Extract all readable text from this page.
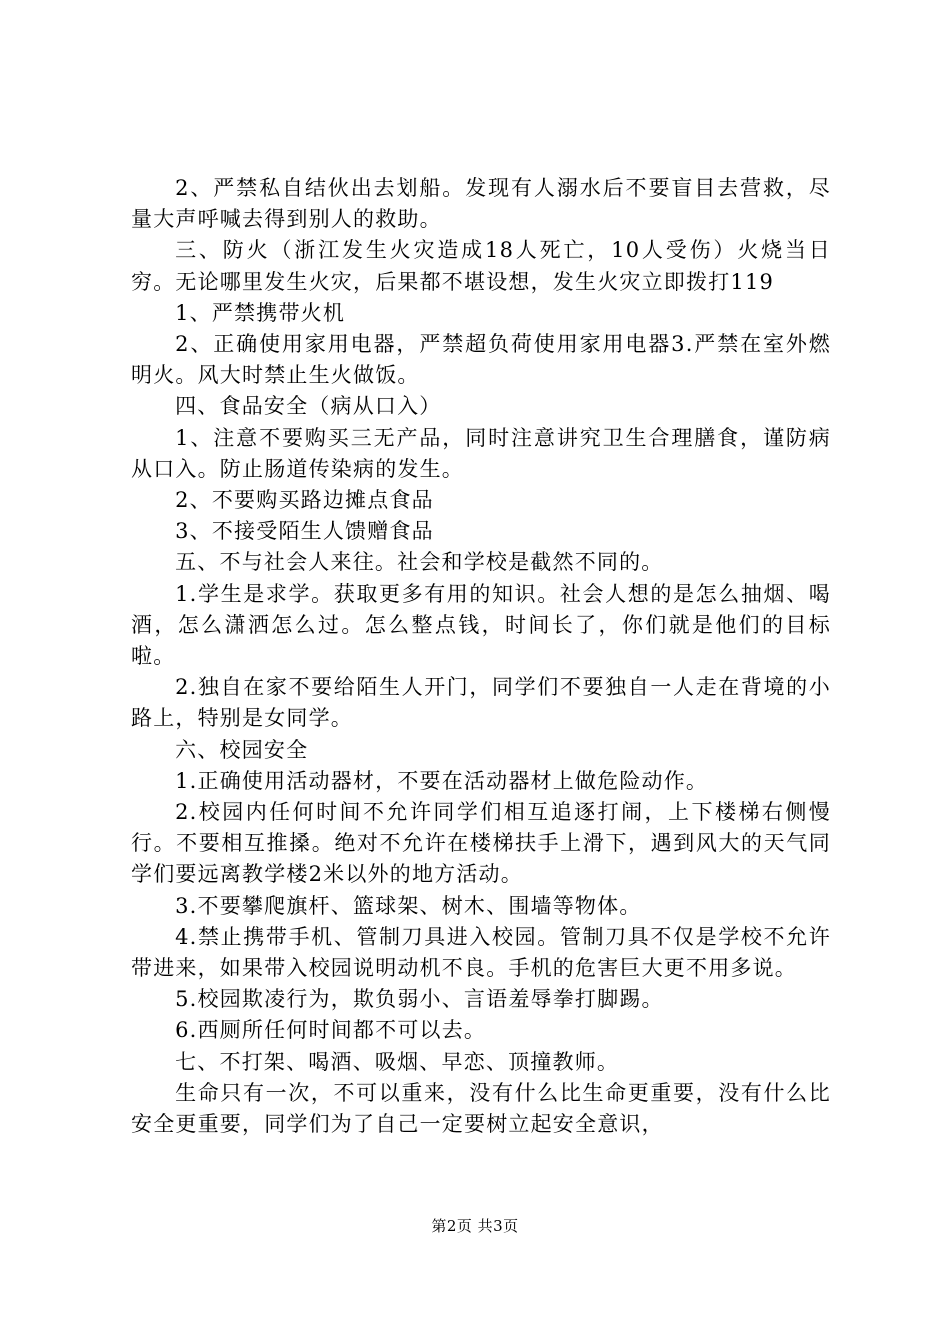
2、严禁私自结伙出去划船。发现有人溺水后不要盲目去营救，尽量大声呼喊去得到别人的救助。

三、防火（浙江发生火灾造成18人死亡，10人受伤）火烧当日穷。无论哪里发生火灾，后果都不堪设想，发生火灾立即拨打119

1、严禁携带火机

2、正确使用家用电器，严禁超负荷使用家用电器3.严禁在室外燃明火。风大时禁止生火做饭。

四、食品安全（病从口入）

1、注意不要购买三无产品，同时注意讲究卫生合理膳食，谨防病从口入。防止肠道传染病的发生。

2、不要购买路边摊点食品

3、不接受陌生人馈赠食品

五、不与社会人来往。社会和学校是截然不同的。

1.学生是求学。获取更多有用的知识。社会人想的是怎么抽烟、喝酒，怎么潇洒怎么过。怎么整点钱，时间长了，你们就是他们的目标啦。

2.独自在家不要给陌生人开门，同学们不要独自一人走在背境的小路上，特别是女同学。

六、校园安全

1.正确使用活动器材，不要在活动器材上做危险动作。

2.校园内任何时间不允许同学们相互追逐打闹，上下楼梯右侧慢行。不要相互推搡。绝对不允许在楼梯扶手上滑下，遇到风大的天气同学们要远离教学楼2米以外的地方活动。

3.不要攀爬旗杆、篮球架、树木、围墙等物体。

4.禁止携带手机、管制刀具进入校园。管制刀具不仅是学校不允许带进来，如果带入校园说明动机不良。手机的危害巨大更不用多说。

5.校园欺凌行为，欺负弱小、言语羞辱拳打脚踢。

6.西厕所任何时间都不可以去。

七、不打架、喝酒、吸烟、早恋、顶撞教师。

生命只有一次，不可以重来，没有什么比生命更重要，没有什么比安全更重要，同学们为了自己一定要树立起安全意识，

第2页 共3页
